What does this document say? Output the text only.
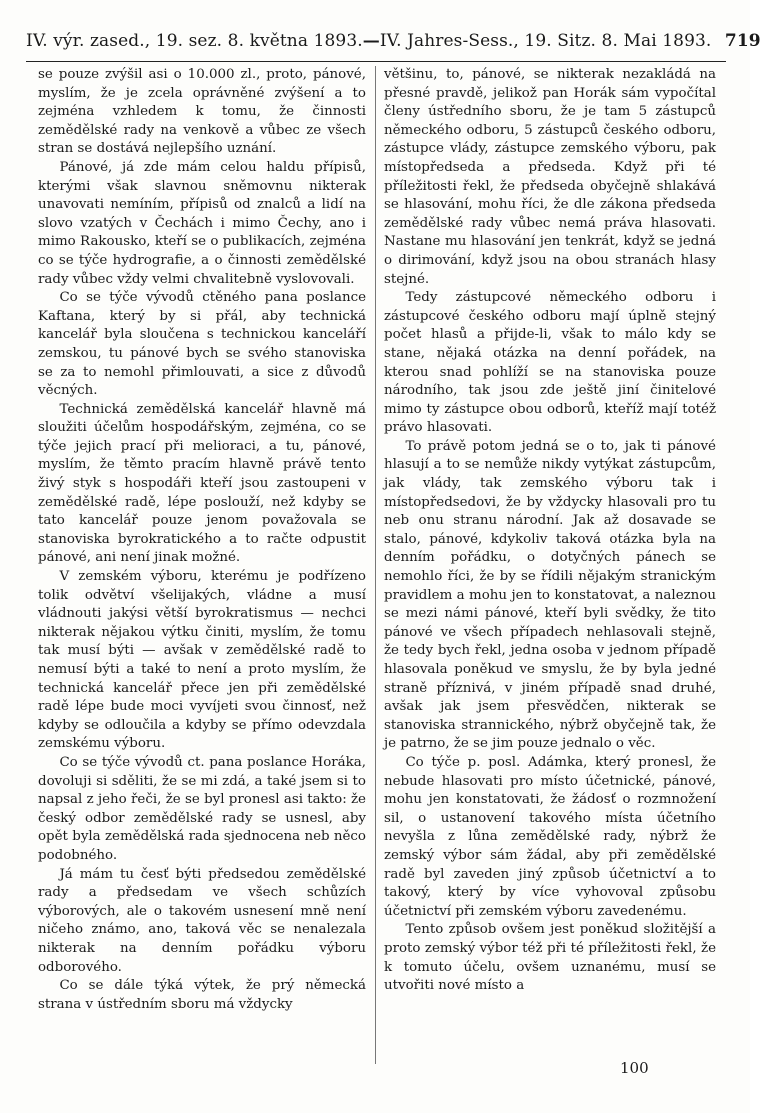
IV. výr. zased., 19. sez. 8. května 1893. — IV. Jahres-Sess., 19. Sitz. 8. Mai 1893. 719

se pouze zvýšil asi o 10.000 zl., proto, pánové, myslím, že je zcela oprávněné zvýšení a to zejména vzhledem k tomu, že činnosti zemědělské rady na venkově a vůbec ze všech stran se dostává nejlepšího uznání.

Pánové, já zde mám celou haldu přípisů, kterými však slavnou sněmovnu nikterak unavovati nemíním, přípisů od znalců a lidí na slovo vzatých v Čechách i mimo Čechy, ano i mimo Rakousko, kteří se o publikacích, zejména co se týče hydrografie, a o činnosti zemědělské rady vůbec vždy velmi chvalitebně vyslovovali.

Co se týče vývodů ctěného pana poslance Kaftana, který by si přál, aby technická kancelář byla sloučena s technickou kanceláří zemskou, tu pánové bych se svého stanoviska se za to nemohl přimlouvati, a sice z důvodů věcných.

Technická zemědělská kancelář hlavně má sloužiti účelům hospodářským, zejména, co se týče jejich prací při melioraci, a tu, pánové, myslím, že těmto pracím hlavně právě tento živý styk s hospodáři kteří jsou zastoupeni v zemědělské radě, lépe poslouží, než kdyby se tato kancelář pouze jenom považovala se stanoviska byrokratického a to račte odpustit pánové, ani není jinak možné.

V zemském výboru, kterému je podřízeno tolik odvětví všelijakých, vládne a musí vládnouti jakýsi větší byrokratismus — nechci nikterak nějakou výtku činiti, myslím, že tomu tak musí býti — avšak v zemědělské radě to nemusí býti a také to není a proto myslím, že technická kancelář přece jen při zemědělské radě lépe bude moci vyvíjeti svou činnosť, než kdyby se odloučila a kdyby se přímo odevzdala zemskému výboru.

Co se týče vývodů ct. pana poslance Horáka, dovoluji si sděliti, že se mi zdá, a také jsem si to napsal z jeho řeči, že se byl pronesl asi takto: že český odbor zemědělské rady se usnesl, aby opět byla zemědělská rada sjednocena neb něco podobného.

Já mám tu česť býti předsedou zemědělské rady a předsedam ve všech schůzích výborových, ale o takovém usnesení mně není ničeho známo, ano, taková věc se nenalezala nikterak na denním pořádku výboru odborového.

Co se dále týká výtek, že prý německá strana v ústředním sboru má vždycky

většinu, to, pánové, se nikterak nezakládá na přesné pravdě, jelikož pan Horák sám vypočítal členy ústředního sboru, že je tam 5 zástupců německého odboru, 5 zástupců českého odboru, zástupce vlády, zástupce zemského výboru, pak místopředseda a předseda. Když při té příležitosti řekl, že předseda obyčejně shlakává se hlasování, mohu říci, že dle zákona předseda zemědělské rady vůbec nemá práva hlasovati. Nastane mu hlasování jen tenkrát, když se jedná o dirimování, když jsou na obou stranách hlasy stejné.

Tedy zástupcové německého odboru i zástupcové českého odboru mají úplně stejný počet hlasů a přijde-li, však to málo kdy se stane, nějaká otázka na denní pořádek, na kterou snad pohlíží se na stanoviska pouze národního, tak jsou zde ještě jiní činitelové mimo ty zástupce obou odborů, kteříž mají totéž právo hlasovati.

To právě potom jedná se o to, jak ti pánové hlasují a to se nemůže nikdy vytýkat zástupcům, jak vlády, tak zemského výboru tak i místopředsedovi, že by vždycky hlasovali pro tu neb onu stranu národní. Jak až dosavade se stalo, pánové, kdykoliv taková otázka byla na denním pořádku, o dotyčných pánech se nemohlo říci, že by se řídili nějakým stranickým pravidlem a mohu jen to konstatovat, a naleznou se mezi námi pánové, kteří byli svědky, že tito pánové ve všech případech nehlasovali stejně, že tedy bych řekl, jedna osoba v jednom případě hlasovala poněkud ve smyslu, že by byla jedné straně příznivá, v jiném případě snad druhé, avšak jak jsem přesvědčen, nikterak se stanoviska strannického, nýbrž obyčejně tak, že je patrno, že se jim pouze jednalo o věc.

Co týče p. posl. Adámka, který pronesl, že nebude hlasovati pro místo účetnické, pánové, mohu jen konstatovati, že žádosť o rozmnožení sil, o ustanovení takového místa účetního nevyšla z lůna zemědělské rady, nýbrž že zemský výbor sám žádal, aby při zemědělské radě byl zaveden jiný způsob účetnictví a to takový, který by více vyhovoval způsobu účetnictví při zemském výboru zavedenému.

Tento způsob ovšem jest poněkud složitější a proto zemský výbor též při té příležitosti řekl, že k tomuto účelu, ovšem uznanému, musí se utvořiti nové místo a

100
